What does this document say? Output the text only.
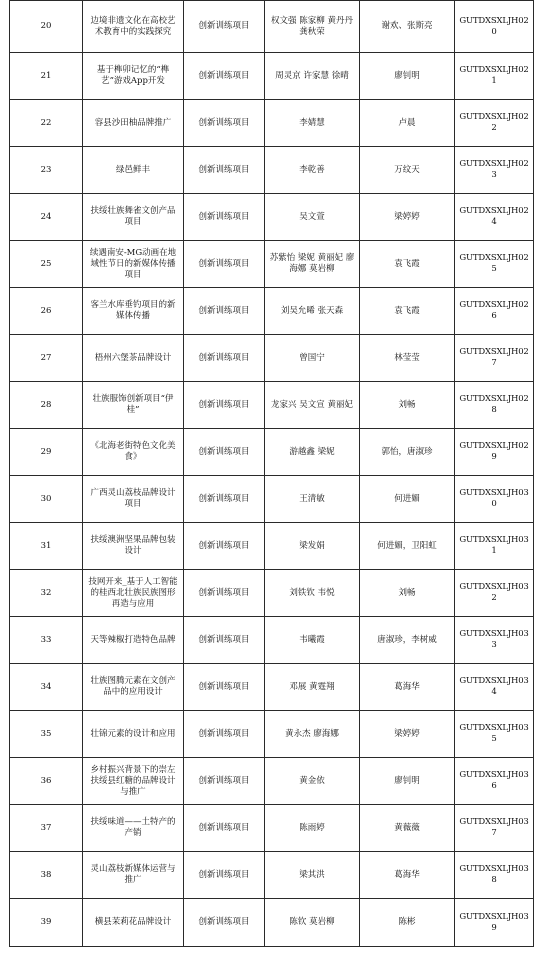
20	边境非遗文化在高校艺术教育中的实践探究	创新训练项目	权文强 陈家柳 黄丹丹 龚秋荣	谢欢、张斯亮	GUTDXSXLJH020
21	基于榫卯记忆的“榫艺”游戏App开发	创新训练项目	周灵京 许家慧 徐晴	廖钊明	GUTDXSXLJH021
22	容县沙田柚品牌推广	创新训练项目	李婧慧	卢晨	GUTDXSXLJH022
23	绿邑鲜丰	创新训练项目	李乾善	万纹天	GUTDXSXLJH023
24	扶绥壮族舞雀文创产品项目	创新训练项目	吴文萱	梁婷婷	GUTDXSXLJH024
25	续遇南安-MG动画在地域性节日的新媒体传播项目	创新训练项目	苏紫怡 梁妮 黄丽妃 廖海娜 莫岩柳	袁飞霞	GUTDXSXLJH025
26	客兰水库垂钓项目的新媒体传播	创新训练项目	刘吴允晞 张天森	袁飞霞	GUTDXSXLJH026
27	梧州六堡茶品牌设计	创新训练项目	曾国宁	林莹莹	GUTDXSXLJH027
28	壮族服饰创新项目“伊桂”	创新训练项目	龙家兴 吴文宣 黄丽妃	刘畅	GUTDXSXLJH028
29	《北海老街特色文化美食》	创新训练项目	游越鑫 梁妮	郭怡，唐淑珍	GUTDXSXLJH029
30	广西灵山荔枝品牌设计项目	创新训练项目	王清敏	何进媚	GUTDXSXLJH030
31	扶绥澳洲坚果品牌包装设计	创新训练项目	梁发娟	何进媚，卫阳虹	GUTDXSXLJH031
32	技网开来_基于人工智能的桂西北壮族民族图形再造与应用	创新训练项目	刘铁钦 韦悦	刘畅	GUTDXSXLJH032
33	天等辣椒打造特色品牌	创新训练项目	韦曦霞	唐淑珍，李树威	GUTDXSXLJH033
34	壮族图腾元素在文创产品中的应用设计	创新训练项目	邓展 黄霆翔	葛海华	GUTDXSXLJH034
35	壮锦元素的设计和应用	创新训练项目	黄永杰 廖海娜	梁婷婷	GUTDXSXLJH035
36	乡村振兴背景下的崇左扶绥县红糖的品牌设计与推广	创新训练项目	黄金依	廖钊明	GUTDXSXLJH036
37	扶绥味道——土特产的产销	创新训练项目	陈雨婷	黄薇薇	GUTDXSXLJH037
38	灵山荔枝新媒体运营与推广	创新训练项目	梁其洪	葛海华	GUTDXSXLJH038
39	横县茉莉花品牌设计	创新训练项目	陈钦 莫岩柳	陈彬	GUTDXSXLJH039
